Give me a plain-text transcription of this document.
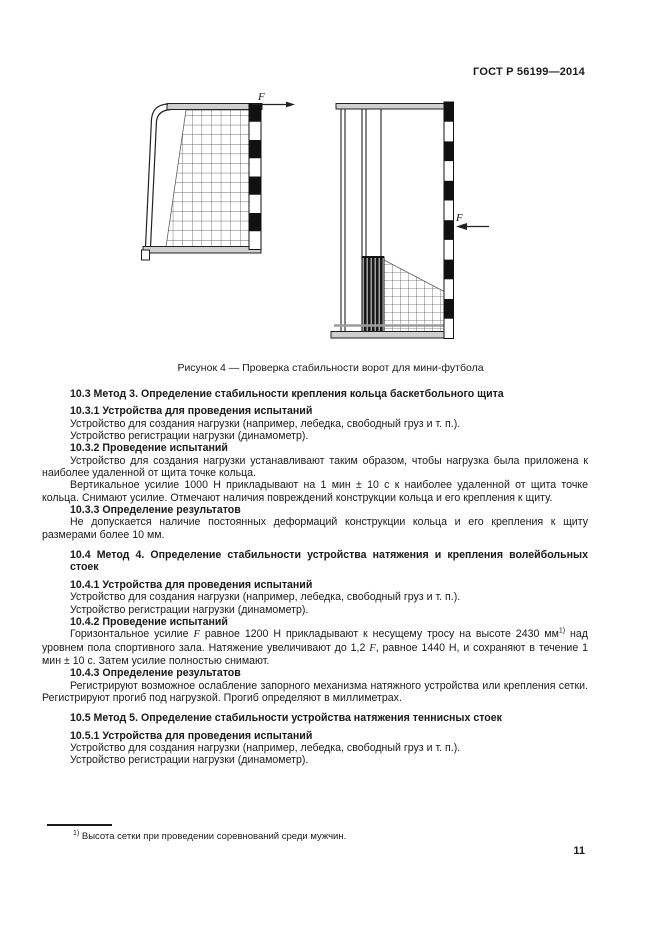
ГОСТ Р 56199—2014
F
F
Рисунок 4 — Проверка стабильности ворот для мини-футбола
10.3 Метод 3. Определение стабильности крепления кольца баскетбольного щита
10.3.1 Устройства для проведения испытаний
Устройство для создания нагрузки (например, лебедка, свободный груз и т. п.).
Устройство регистрации нагрузки (динамометр).
10.3.2 Проведение испытаний
Устройство для создания нагрузки устанавливают таким образом, чтобы нагрузка была приложена к наиболее удаленной от щита точке кольца.
Вертикальное усилие 1000 Н прикладывают на 1 мин ± 10 с к наиболее удаленной от щита точке кольца. Снимают усилие. Отмечают наличия повреждений конструкции кольца и его крепления к щиту.
10.3.3 Определение результатов
Не допускается наличие постоянных деформаций конструкции кольца и его крепления к щиту размерами более 10 мм.
10.4 Метод 4. Определение стабильности устройства натяжения и крепления волейбольных стоек
10.4.1 Устройства для проведения испытаний
Устройство для создания нагрузки (например, лебедка, свободный груз и т. п.).
Устройство регистрации нагрузки (динамометр).
10.4.2 Проведение испытаний
Горизонтальное усилие F равное 1200 Н прикладывают к несущему тросу на высоте 2430 $мм^{1)}$ над уровнем пола спортивного зала. Натяжение увеличивают до 1,2 F, равное 1440 Н, и сохраняют в течение 1 мин ± 10 с. Затем усилие полностью снимают.
10.4.3 Определение результатов
Регистрируют возможное ослабление запорного механизма натяжного устройства или крепления сетки. Регистрируют прогиб под нагрузкой. Прогиб определяют в миллиметрах.
10.5 Метод 5. Определение стабильности устройства натяжения теннисных стоек
10.5.1 Устройства для проведения испытаний
Устройство для создания нагрузки (например, лебедка, свободный груз и т. п.).
Устройство регистрации нагрузки (динамометр).
$^{1)}$ Высота сетки при проведении соревнований среди мужчин.
11
